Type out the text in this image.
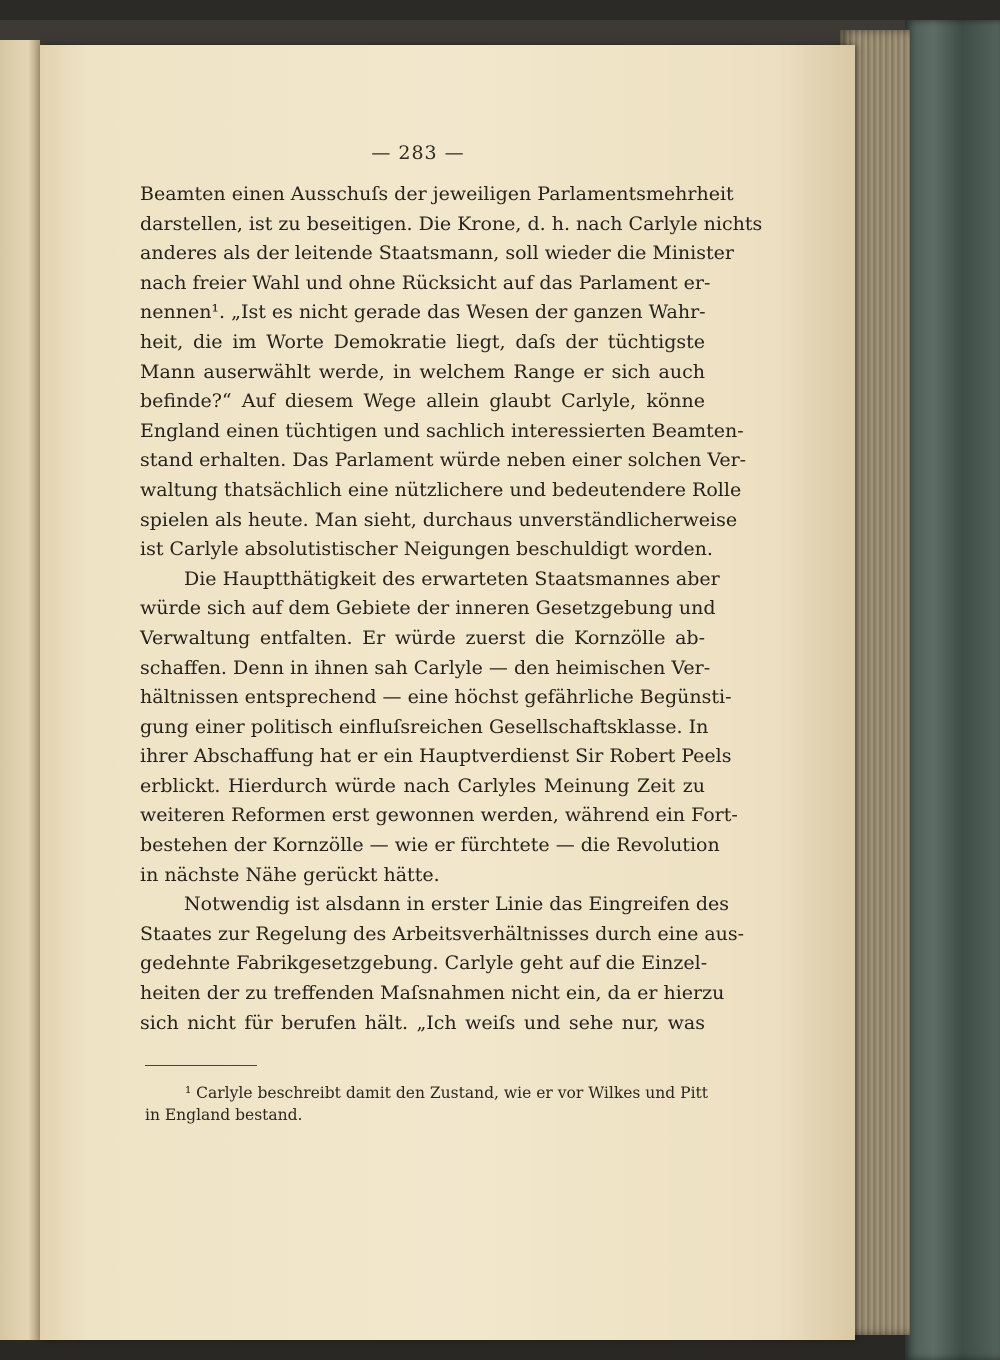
— 283 —
Beamten einen Ausschuſs der jeweiligen Parlamentsmehrheit
darstellen, ist zu beseitigen. Die Krone, d. h. nach Carlyle nichts
anderes als der leitende Staatsmann, soll wieder die Minister
nach freier Wahl und ohne Rücksicht auf das Parlament er-
nennen¹. „Ist es nicht gerade das Wesen der ganzen Wahr-
heit, die im Worte Demokratie liegt, daſs der tüchtigste
Mann auserwählt werde, in welchem Range er sich auch
befinde?“ Auf diesem Wege allein glaubt Carlyle, könne
England einen tüchtigen und sachlich interessierten Beamten-
stand erhalten. Das Parlament würde neben einer solchen Ver-
waltung thatsächlich eine nützlichere und bedeutendere Rolle
spielen als heute. Man sieht, durchaus unverständlicherweise
ist Carlyle absolutistischer Neigungen beschuldigt worden.
Die Hauptthätigkeit des erwarteten Staatsmannes aber
würde sich auf dem Gebiete der inneren Gesetzgebung und
Verwaltung entfalten. Er würde zuerst die Kornzölle ab-
schaffen. Denn in ihnen sah Carlyle — den heimischen Ver-
hältnissen entsprechend — eine höchst gefährliche Begünsti-
gung einer politisch einfluſsreichen Gesellschaftsklasse. In
ihrer Abschaffung hat er ein Hauptverdienst Sir Robert Peels
erblickt. Hierdurch würde nach Carlyles Meinung Zeit zu
weiteren Reformen erst gewonnen werden, während ein Fort-
bestehen der Kornzölle — wie er fürchtete — die Revolution
in nächste Nähe gerückt hätte.
Notwendig ist alsdann in erster Linie das Eingreifen des
Staates zur Regelung des Arbeitsverhältnisses durch eine aus-
gedehnte Fabrikgesetzgebung. Carlyle geht auf die Einzel-
heiten der zu treffenden Maſsnahmen nicht ein, da er hierzu
sich nicht für berufen hält. „Ich weiſs und sehe nur, was
¹ Carlyle beschreibt damit den Zustand, wie er vor Wilkes und Pitt
in England bestand.
